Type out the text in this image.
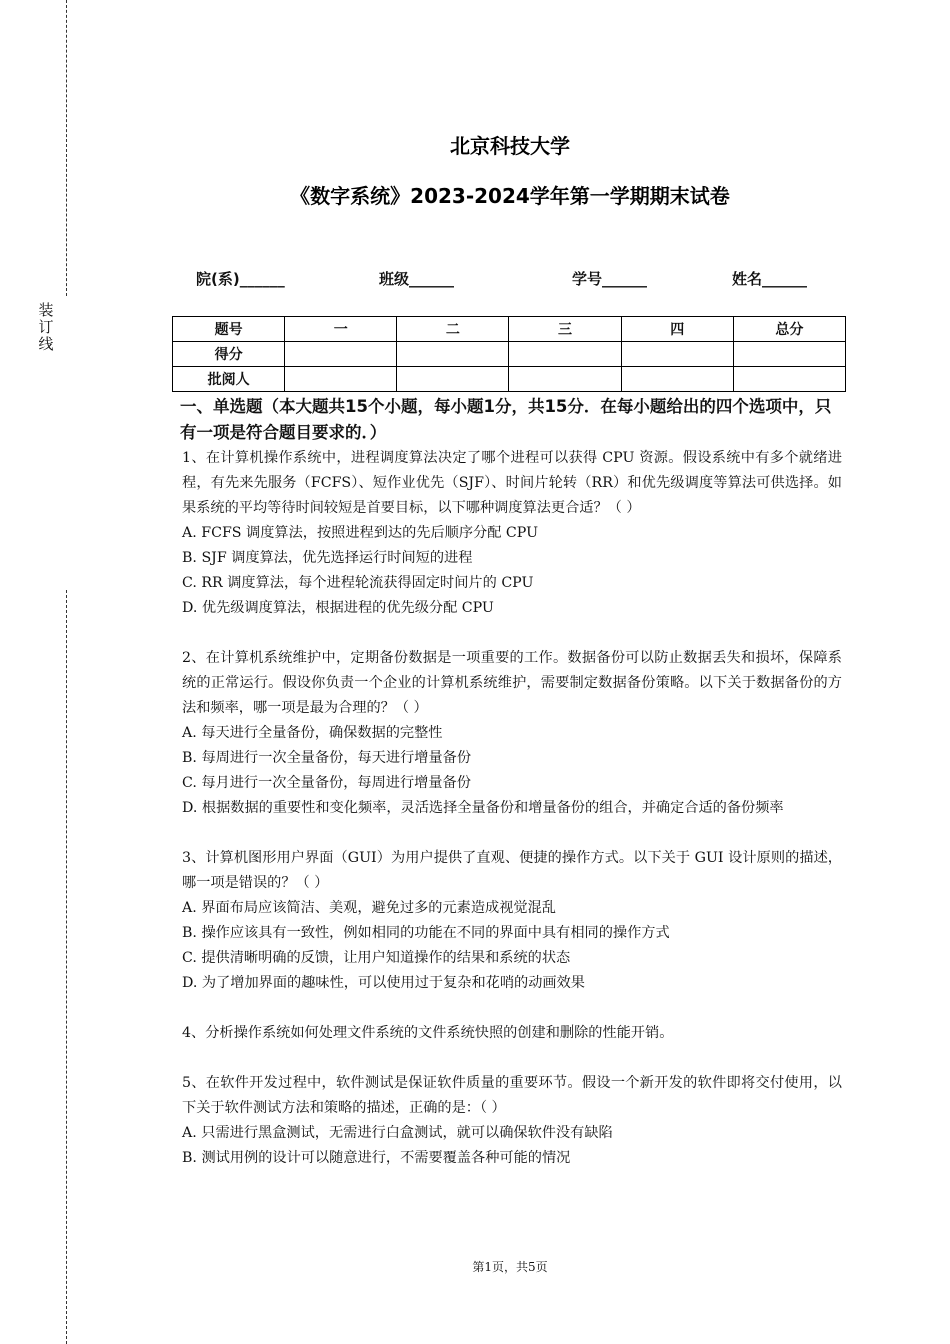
装
订
线
北京科技大学
《数字系统》2023-2024学年第一学期期末试卷
院(系)______	班级______	学号______	姓名______
题号	一	二	三	四	总分
得分					
批阅人					
一、单选题（本大题共15个小题，每小题1分，共15分．在每小题给出的四个选项中，只有一项是符合题目要求的．）
1、在计算机操作系统中，进程调度算法决定了哪个进程可以获得 CPU 资源。假设系统中有多个就绪进程，有先来先服务（FCFS）、短作业优先（SJF）、时间片轮转（RR）和优先级调度等算法可供选择。如果系统的平均等待时间较短是首要目标，以下哪种调度算法更合适？（ ）
A. FCFS 调度算法，按照进程到达的先后顺序分配 CPU
B. SJF 调度算法，优先选择运行时间短的进程
C. RR 调度算法，每个进程轮流获得固定时间片的 CPU
D. 优先级调度算法，根据进程的优先级分配 CPU
2、在计算机系统维护中，定期备份数据是一项重要的工作。数据备份可以防止数据丢失和损坏，保障系统的正常运行。假设你负责一个企业的计算机系统维护，需要制定数据备份策略。以下关于数据备份的方法和频率，哪一项是最为合理的？（ ）
A. 每天进行全量备份，确保数据的完整性
B. 每周进行一次全量备份，每天进行增量备份
C. 每月进行一次全量备份，每周进行增量备份
D. 根据数据的重要性和变化频率，灵活选择全量备份和增量备份的组合，并确定合适的备份频率
3、计算机图形用户界面（GUI）为用户提供了直观、便捷的操作方式。以下关于 GUI 设计原则的描述，哪一项是错误的？（ ）
A. 界面布局应该简洁、美观，避免过多的元素造成视觉混乱
B. 操作应该具有一致性，例如相同的功能在不同的界面中具有相同的操作方式
C. 提供清晰明确的反馈，让用户知道操作的结果和系统的状态
D. 为了增加界面的趣味性，可以使用过于复杂和花哨的动画效果
4、分析操作系统如何处理文件系统的文件系统快照的创建和删除的性能开销。
5、在软件开发过程中，软件测试是保证软件质量的重要环节。假设一个新开发的软件即将交付使用，以下关于软件测试方法和策略的描述，正确的是：（ ）
A. 只需进行黑盒测试，无需进行白盒测试，就可以确保软件没有缺陷
B. 测试用例的设计可以随意进行，不需要覆盖各种可能的情况
第1页，共5页
